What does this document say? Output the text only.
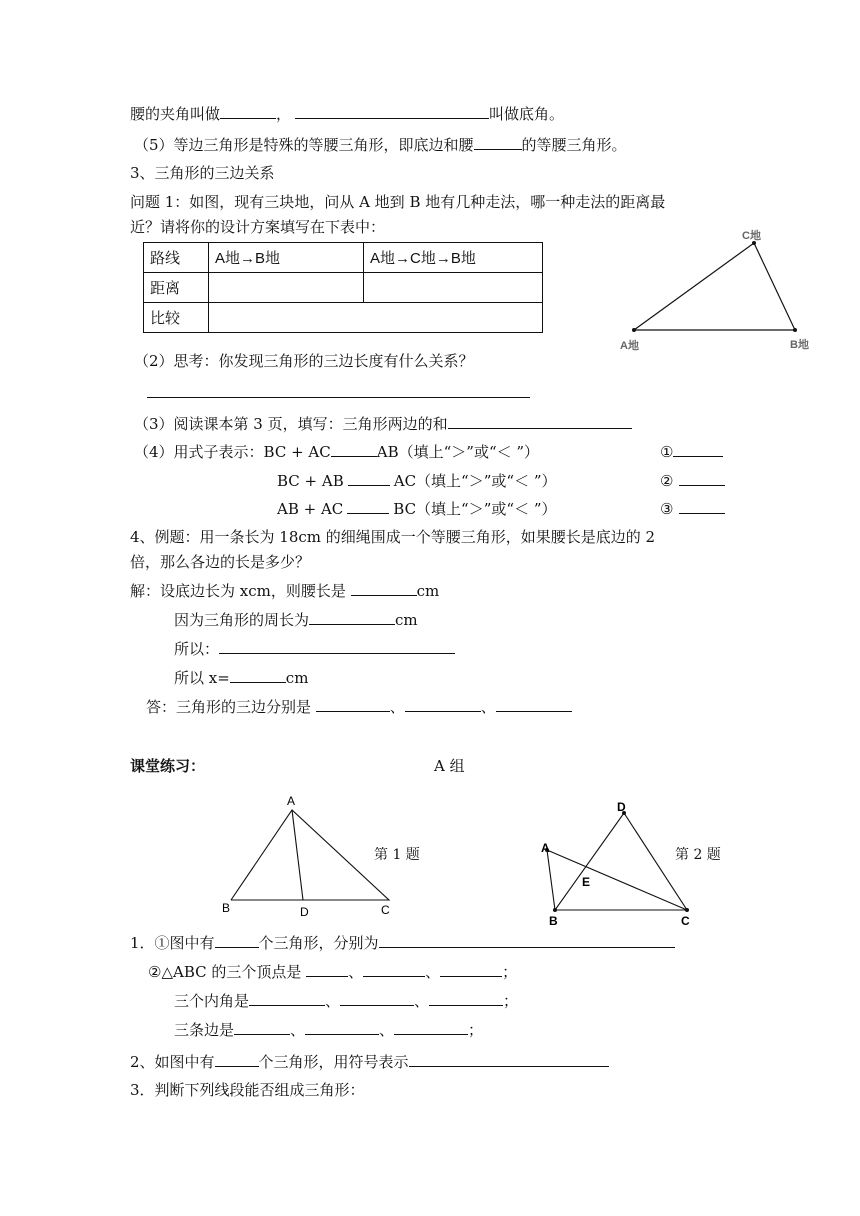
腰的夹角叫做	，	叫做底角。
（5）等边三角形是特殊的等腰三角形，即底边和腰	的等腰三角形。
3、三角形的三边关系
问题 1：如图，现有三块地，问从 A 地到 B 地有几种走法，哪一种走法的距离最
近？请将你的设计方案填写在下表中：
路线	A地→B地	A地→C地→B地
距离		
比较		
C地
A地	B地
（2）思考：你发现三角形的三边长度有什么关系？
（3）阅读课本第 3 页，填写：三角形两边的和
（4）用式子表示：BC + AC	AB（填上“＞”或“＜ ”）	①
BC + AB	AC（填上“＞”或“＜ ”）	②
AB + AC	BC（填上“＞”或“＜ ”）	③
4、例题：用一条长为 18cm 的细绳围成一个等腰三角形，如果腰长是底边的 2
倍，那么各边的长是多少？
解：设底边长为 xcm，则腰长是	cm
因为三角形的周长为	cm
所以：
所以 x=	cm
答：三角形的三边分别是	、	、
课堂练习：	A 组
A
B	D	C
第 1 题
D
A
E
B	C
第 2 题
1．①图中有	个三角形，分别为
②△ABC 的三个顶点是	、	、	；
三个内角是	、	、	；
三条边是	、	、	；
2、如图中有	个三角形，用符号表示
3．判断下列线段能否组成三角形：
